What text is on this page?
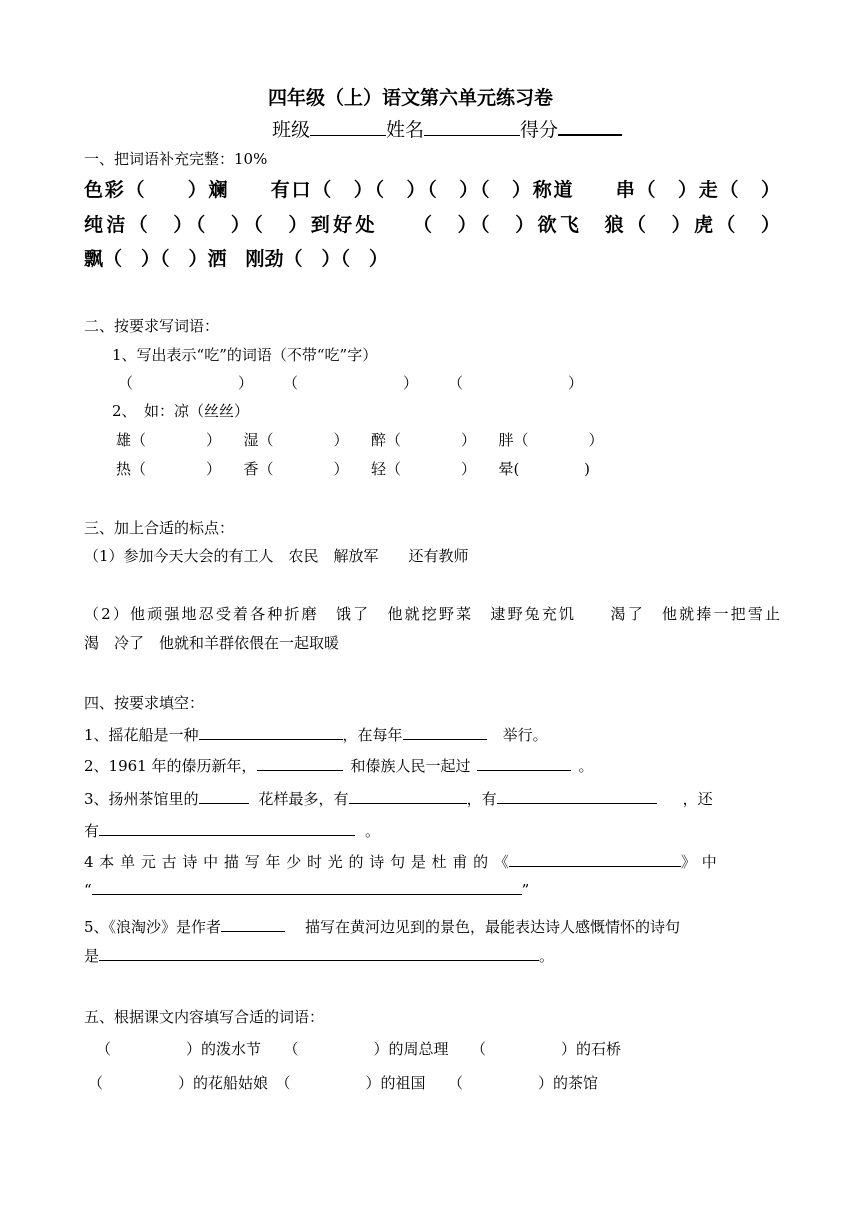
四年级（上）语文第六单元练习卷
班级	姓名	得分
一、把词语补充完整：10%
色彩（　　）斓　　有口（　）（　）（　）（　）称道　　串（　）走（　）
纯洁（　）（　）（　）到好处　　（　）（　）欲飞　狼（　）虎（　）
飘（　）（　）洒　刚劲（　）（　）
二、按要求写词语：
1、写出表示“吃”的词语（不带“吃”字）
（　　　　　　　）　　　（　　　　　　　）　　　（　　　　　　　）
2、　如：凉（丝丝）
雄（　　　　）　　湿（　　　　）　　醉（　　　　）　　胖（　　　　）
热（　　　　）　　香（　　　　）　　轻（　　　　）　　晕(　　　　 )
三、加上合适的标点：
（1）参加今天大会的有工人　农民　解放军　　还有教师
（2）他顽强地忍受着各种折磨　饿了　他就挖野菜　逮野兔充饥　　渴了　他就捧一把雪止
渴　冷了　他就和羊群依偎在一起取暖
四、按要求填空：
1、摇花船是一种	，在每年	举行。
2、1961 年的傣历新年，	和傣族人民一起过	。
3、扬州茶馆里的	花样最多，有	，有	，还
有	。
4 本 单 元 古 诗 中 描 写 年 少 时 光 的 诗 句 是 杜 甫 的 《	》 中
“	”
5、《浪淘沙》是作者	描写在黄河边见到的景色，最能表达诗人感慨情怀的诗句
是	。
五、根据课文内容填写合适的词语：
（　　　　　）的泼水节　　（　　　　　）的周总理　　（　　　　　）的石桥
（　　　　　）的花船姑娘　（　　　　　）的祖国　　（　　　　　）的茶馆
